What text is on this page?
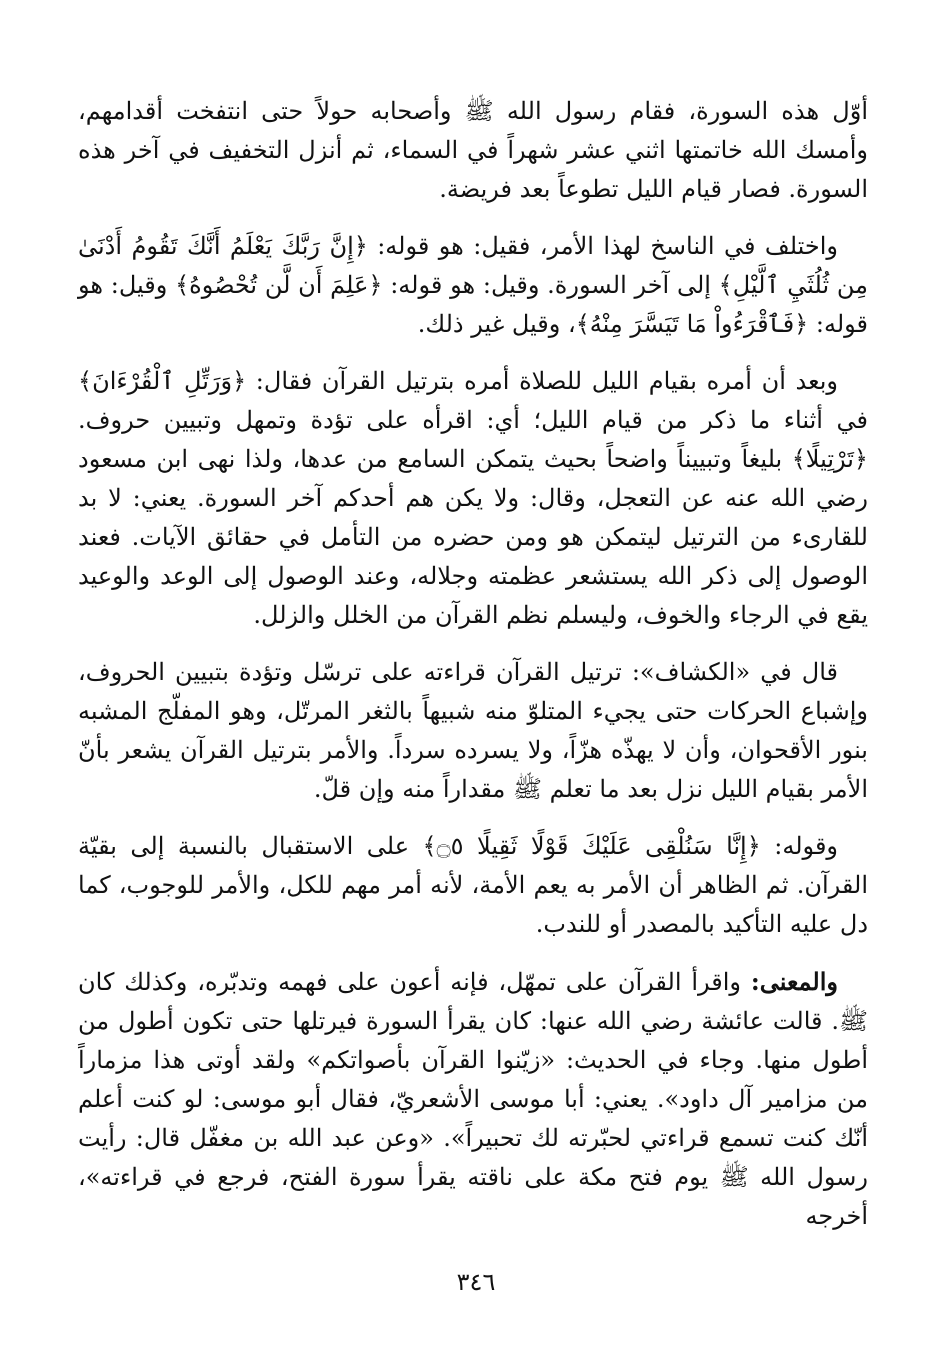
أوّل هذه السورة، فقام رسول الله ﷺ وأصحابه حولاً حتى انتفخت أقدامهم، وأمسك الله خاتمتها اثني عشر شهراً في السماء، ثم أنزل التخفيف في آخر هذه السورة. فصار قيام الليل تطوعاً بعد فريضة.

واختلف في الناسخ لهذا الأمر، فقيل: هو قوله: ﴿إِنَّ رَبَّكَ يَعْلَمُ أَنَّكَ تَقُومُ أَدْنَىٰ مِن ثُلُثَيِ ٱلَّيْلِ﴾ إلى آخر السورة. وقيل: هو قوله: ﴿عَلِمَ أَن لَّن تُحْصُوهُ﴾ وقيل: هو قوله: ﴿فَٱقْرَءُواْ مَا تَيَسَّرَ مِنْهُ﴾، وقيل غير ذلك.

وبعد أن أمره بقيام الليل للصلاة أمره بترتيل القرآن فقال: ﴿وَرَتِّلِ ٱلْقُرْءَانَ﴾ في أثناء ما ذكر من قيام الليل؛ أي: اقرأه على تؤدة وتمهل وتبيين حروف. ﴿تَرْتِيلًا﴾ بليغاً وتبييناً واضحاً بحيث يتمكن السامع من عدها، ولذا نهى ابن مسعود رضي الله عنه عن التعجل، وقال: ولا يكن هم أحدكم آخر السورة. يعني: لا بد للقارىء من الترتيل ليتمكن هو ومن حضره من التأمل في حقائق الآيات. فعند الوصول إلى ذكر الله يستشعر عظمته وجلاله، وعند الوصول إلى الوعد والوعيد يقع في الرجاء والخوف، وليسلم نظم القرآن من الخلل والزلل.

قال في «الكشاف»: ترتيل القرآن قراءته على ترسّل وتؤدة بتبيين الحروف، وإشباع الحركات حتى يجيء المتلوّ منه شبيهاً بالثغر المرتّل، وهو المفلّج المشبه بنور الأقحوان، وأن لا يهذّه هزّاً، ولا يسرده سرداً. والأمر بترتيل القرآن يشعر بأنّ الأمر بقيام الليل نزل بعد ما تعلم ﷺ مقداراً منه وإن قلّ.

وقوله: ﴿إِنَّا سَنُلْقِى عَلَيْكَ قَوْلًا ثَقِيلًا ۝٥﴾ على الاستقبال بالنسبة إلى بقيّة القرآن. ثم الظاهر أن الأمر به يعم الأمة، لأنه أمر مهم للكل، والأمر للوجوب، كما دل عليه التأكيد بالمصدر أو للندب.

والمعنى: واقرأ القرآن على تمهّل، فإنه أعون على فهمه وتدبّره، وكذلك كان ﷺ. قالت عائشة رضي الله عنها: كان يقرأ السورة فيرتلها حتى تكون أطول من أطول منها. وجاء في الحديث: «زيّنوا القرآن بأصواتكم» ولقد أوتى هذا مزماراً من مزامير آل داود». يعني: أبا موسى الأشعريّ، فقال أبو موسى: لو كنت أعلم أنّك كنت تسمع قراءتي لحبّرته لك تحبيراً». «وعن عبد الله بن مغفّل قال: رأيت رسول الله ﷺ يوم فتح مكة على ناقته يقرأ سورة الفتح، فرجع في قراءته»، أخرجه

٣٤٦
